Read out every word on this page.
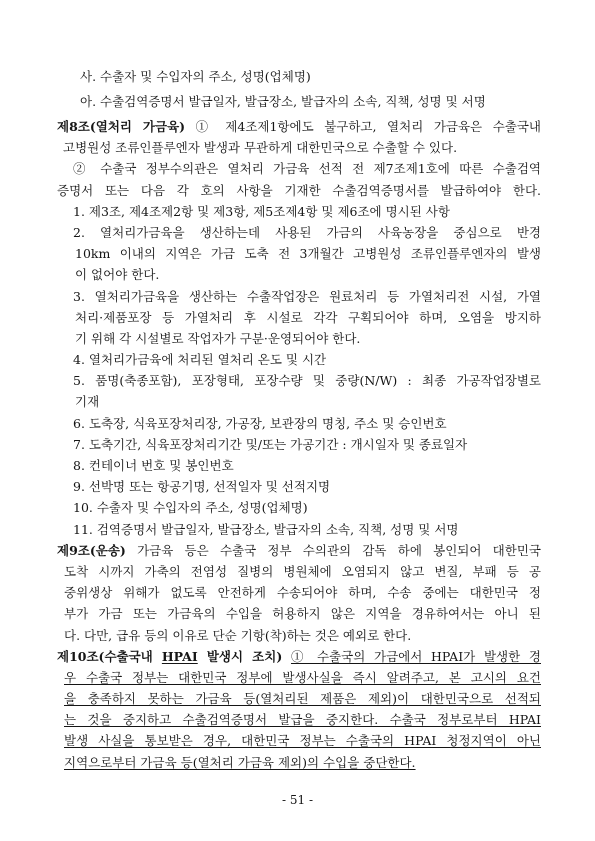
사. 수출자 및 수입자의 주소, 성명(업체명)
아. 수출검역증명서 발급일자, 발급장소, 발급자의 소속, 직책, 성명 및 서명
제8조(열처리 가금육) ① 제4조제1항에도 불구하고, 열처리 가금육은 수출국내
고병원성 조류인플루엔자 발생과 무관하게 대한민국으로 수출할 수 있다.
② 수출국 정부수의관은 열처리 가금육 선적 전 제7조제1호에 따른 수출검역
증명서 또는 다음 각 호의 사항을 기재한 수출검역증명서를 발급하여야 한다.
1. 제3조, 제4조제2항 및 제3항, 제5조제4항 및 제6조에 명시된 사항
2. 열처리가금육을 생산하는데 사용된 가금의 사육농장을 중심으로 반경
10km 이내의 지역은 가금 도축 전 3개월간 고병원성 조류인플루엔자의 발생
이 없어야 한다.
3. 열처리가금육을 생산하는 수출작업장은 원료처리 등 가열처리전 시설, 가열
처리·제품포장 등 가열처리 후 시설로 각각 구획되어야 하며, 오염을 방지하
기 위해 각 시설별로 작업자가 구분·운영되어야 한다.
4. 열처리가금육에 처리된 열처리 온도 및 시간
5. 품명(축종포함), 포장형태, 포장수량 및 중량(N/W) : 최종 가공작업장별로
기재
6. 도축장, 식육포장처리장, 가공장, 보관장의 명칭, 주소 및 승인번호
7. 도축기간, 식육포장처리기간 및/또는 가공기간 : 개시일자 및 종료일자
8. 컨테이너 번호 및 봉인번호
9. 선박명 또는 항공기명, 선적일자 및 선적지명
10. 수출자 및 수입자의 주소, 성명(업체명)
11. 검역증명서 발급일자, 발급장소, 발급자의 소속, 직책, 성명 및 서명
제9조(운송) 가금육 등은 수출국 정부 수의관의 감독 하에 봉인되어 대한민국
도착 시까지 가축의 전염성 질병의 병원체에 오염되지 않고 변질, 부패 등 공
중위생상 위해가 없도록 안전하게 수송되어야 하며, 수송 중에는 대한민국 정
부가 가금 또는 가금육의 수입을 허용하지 않은 지역을 경유하여서는 아니 된
다. 다만, 급유 등의 이유로 단순 기항(착)하는 것은 예외로 한다.
제10조(수출국내 HPAI 발생시 조치) ① 수출국의 가금에서 HPAI가 발생한 경
우 수출국 정부는 대한민국 정부에 발생사실을 즉시 알려주고, 본 고시의 요건
을 충족하지 못하는 가금육 등(열처리된 제품은 제외)이 대한민국으로 선적되
는 것을 중지하고 수출검역증명서 발급을 중지한다. 수출국 정부로부터 HPAI
발생 사실을 통보받은 경우, 대한민국 정부는 수출국의 HPAI 청정지역이 아닌
지역으로부터 가금육 등(열처리 가금육 제외)의 수입을 중단한다.
- 51 -
